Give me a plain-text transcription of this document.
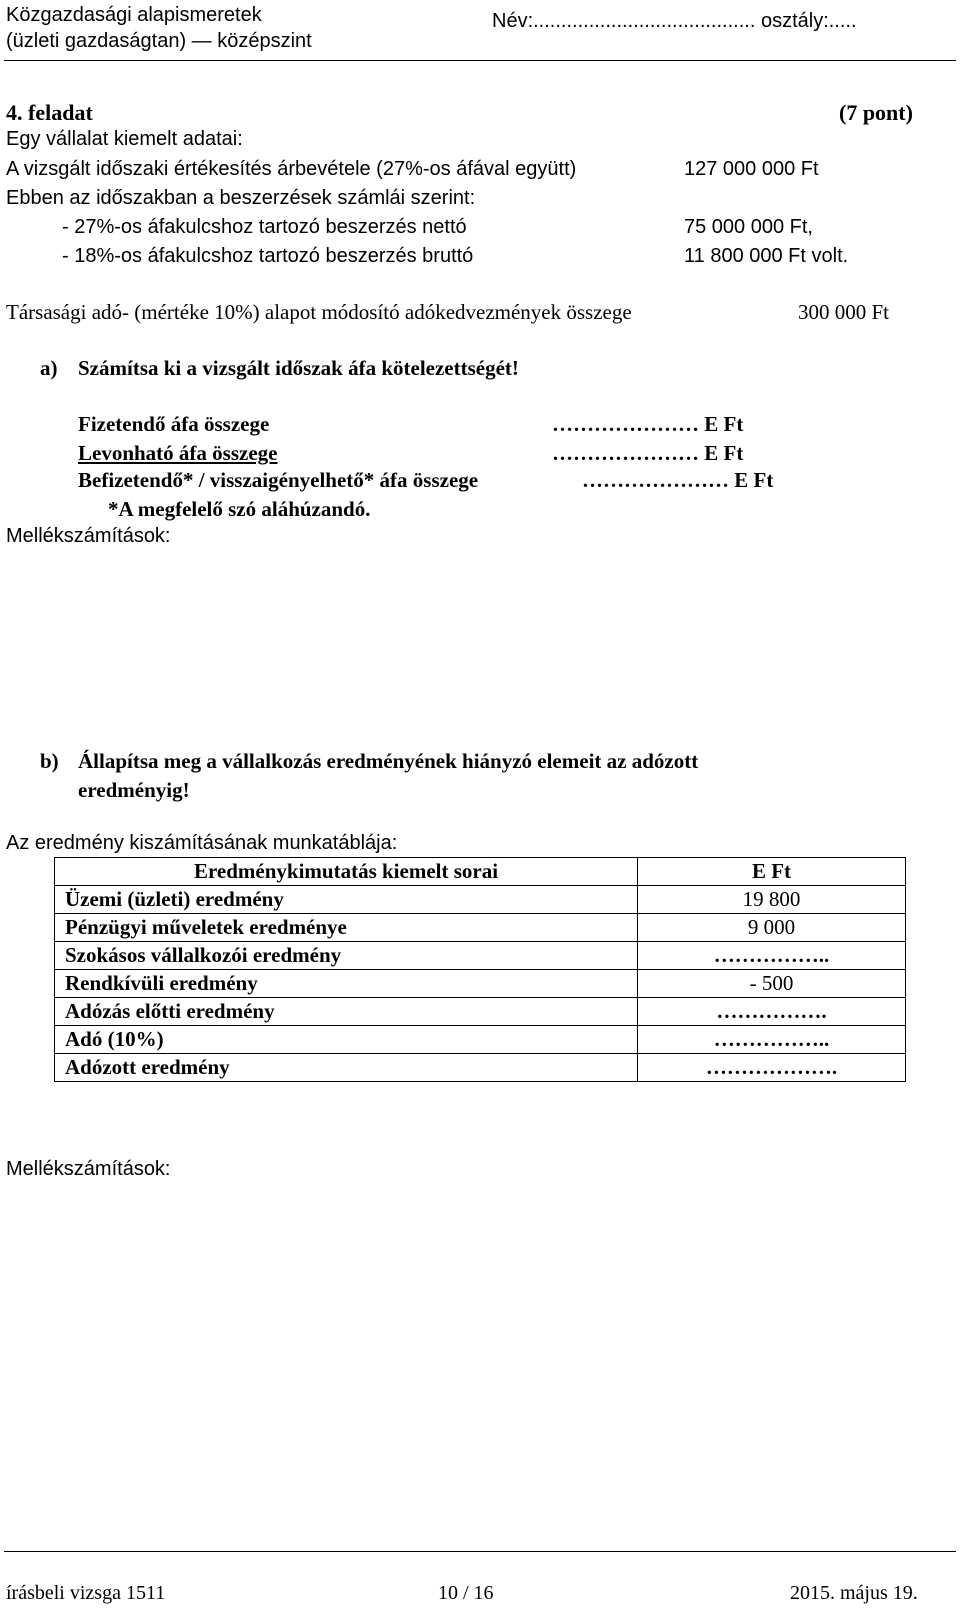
Közgazdasági alapismeretek
(üzleti gazdaságtan) — középszint
Név:........................................ osztály:.....
4. feladat	(7 pont)
Egy vállalat kiemelt adatai:
A vizsgált időszaki értékesítés árbevétele (27%-os áfával együtt)	127 000 000 Ft
Ebben az időszakban a beszerzések számlái szerint:
- 27%-os áfakulcshoz tartozó beszerzés nettó	75 000 000 Ft,
- 18%-os áfakulcshoz tartozó beszerzés bruttó	11 800 000 Ft volt.
Társasági adó- (mértéke 10%) alapot módosító adókedvezmények összege	300 000 Ft
a) Számítsa ki a vizsgált időszak áfa kötelezettségét!
Fizetendő áfa összege	………………… E Ft
Levonható áfa összege	………………… E Ft
Befizetendő* / visszaigényelhető* áfa összege	………………… E Ft
*A megfelelő szó aláhúzandó.
Mellékszámítások:
b) Állapítsa meg a vállalkozás eredményének hiányzó elemeit az adózott
eredményig!
Az eredmény kiszámításának munkatáblája:
Eredménykimutatás kiemelt sorai	E Ft
Üzemi (üzleti) eredmény	19 800
Pénzügyi műveletek eredménye	9 000
Szokásos vállalkozói eredmény	……………..
Rendkívüli eredmény	- 500
Adózás előtti eredmény	…………….
Adó (10%)	……………..
Adózott eredmény	……………….
Mellékszámítások:
írásbeli vizsga 1511	10 / 16	2015. május 19.
